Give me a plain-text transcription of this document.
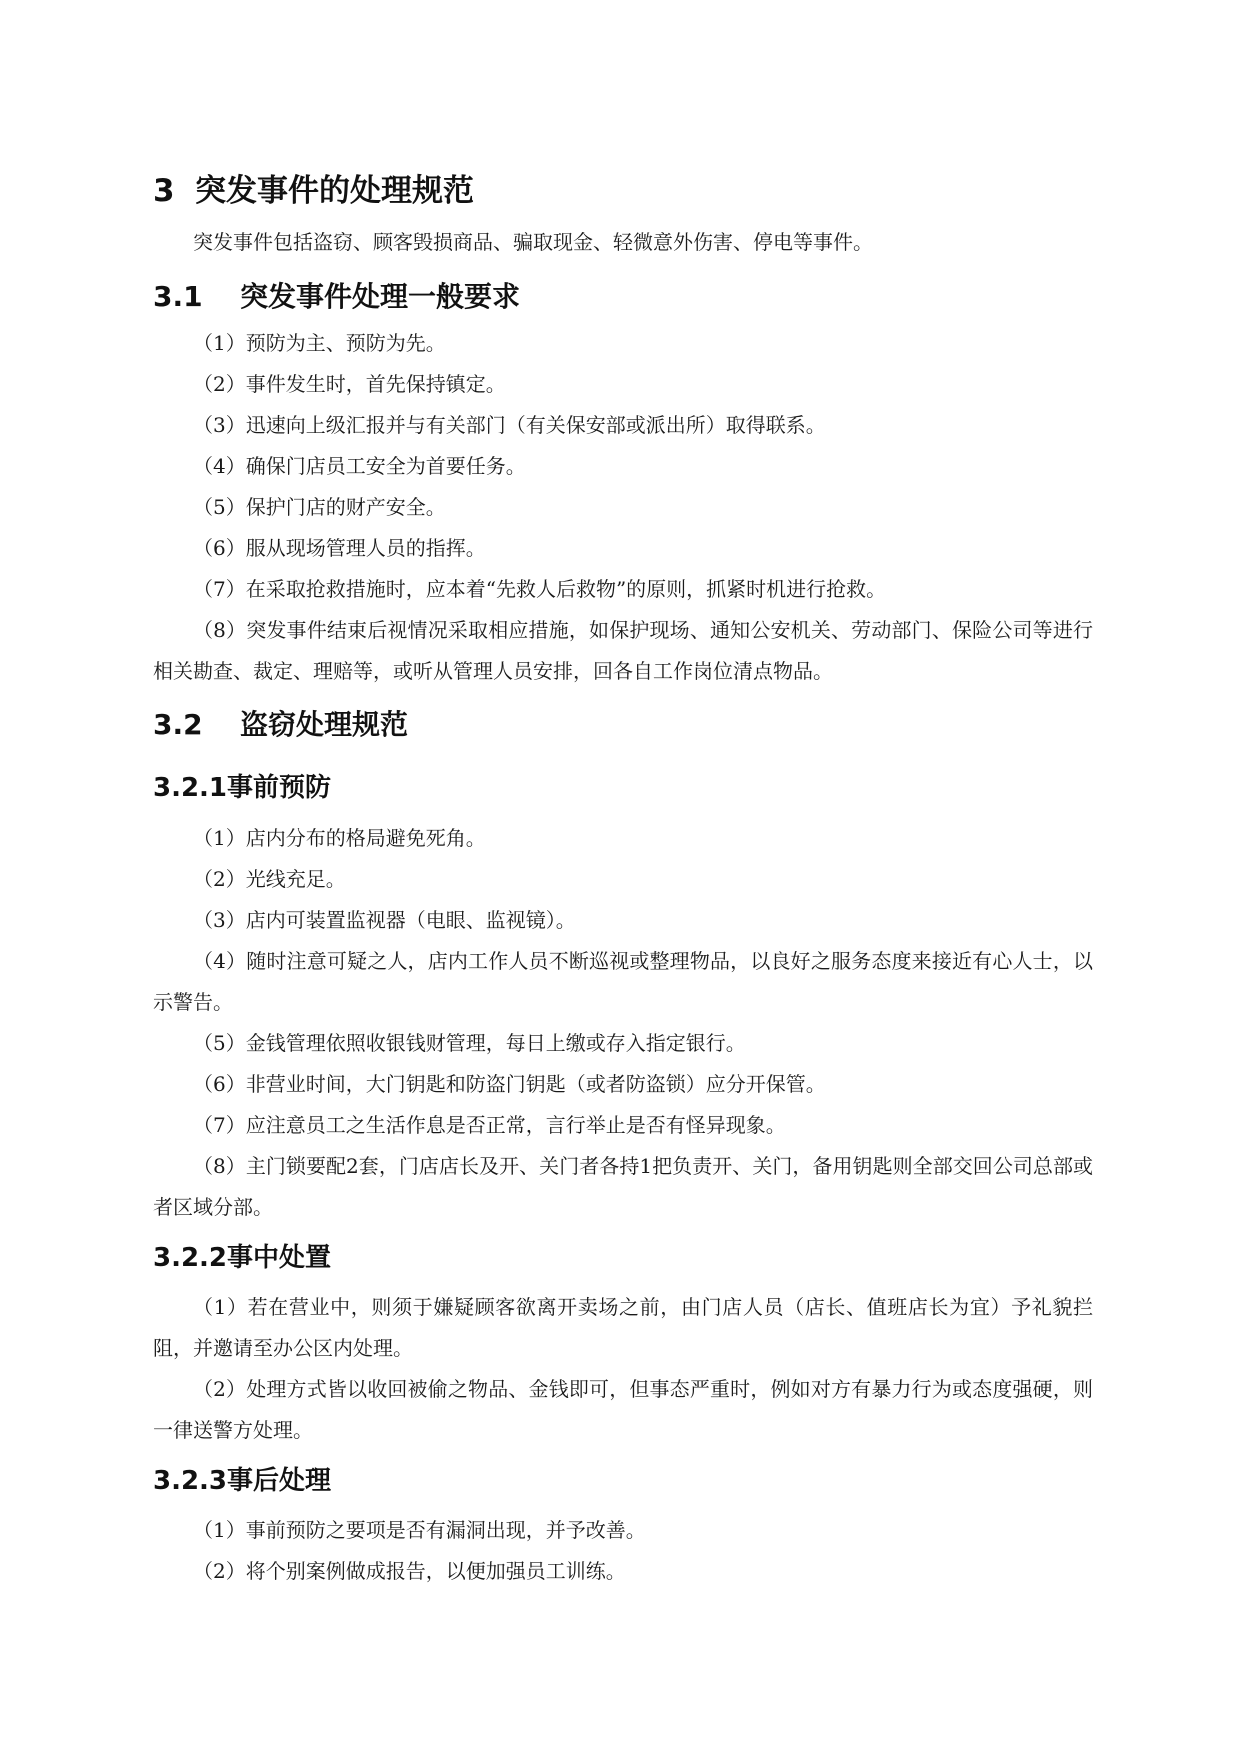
3 突发事件的处理规范

突发事件包括盗窃、顾客毁损商品、骗取现金、轻微意外伤害、停电等事件。

3.1 突发事件处理一般要求

（1）预防为主、预防为先。

（2）事件发生时，首先保持镇定。

（3）迅速向上级汇报并与有关部门（有关保安部或派出所）取得联系。

（4）确保门店员工安全为首要任务。

（5）保护门店的财产安全。

（6）服从现场管理人员的指挥。

（7）在采取抢救措施时，应本着“先救人后救物”的原则，抓紧时机进行抢救。

（8）突发事件结束后视情况采取相应措施，如保护现场、通知公安机关、劳动部门、保险公司等进行相关勘查、裁定、理赔等，或听从管理人员安排，回各自工作岗位清点物品。

3.2 盗窃处理规范
3.2.1事前预防

（1）店内分布的格局避免死角。

（2）光线充足。

（3）店内可装置监视器（电眼、监视镜）。

（4）随时注意可疑之人，店内工作人员不断巡视或整理物品，以良好之服务态度来接近有心人士，以示警告。

（5）金钱管理依照收银钱财管理，每日上缴或存入指定银行。

（6）非营业时间，大门钥匙和防盗门钥匙（或者防盗锁）应分开保管。

（7）应注意员工之生活作息是否正常，言行举止是否有怪异现象。

（8）主门锁要配2套，门店店长及开、关门者各持1把负责开、关门，备用钥匙则全部交回公司总部或者区域分部。

3.2.2事中处置

（1）若在营业中，则须于嫌疑顾客欲离开卖场之前，由门店人员（店长、值班店长为宜）予礼貌拦阻，并邀请至办公区内处理。

（2）处理方式皆以收回被偷之物品、金钱即可，但事态严重时，例如对方有暴力行为或态度强硬，则一律送警方处理。

3.2.3事后处理

（1）事前预防之要项是否有漏洞出现，并予改善。

（2）将个别案例做成报告，以便加强员工训练。
